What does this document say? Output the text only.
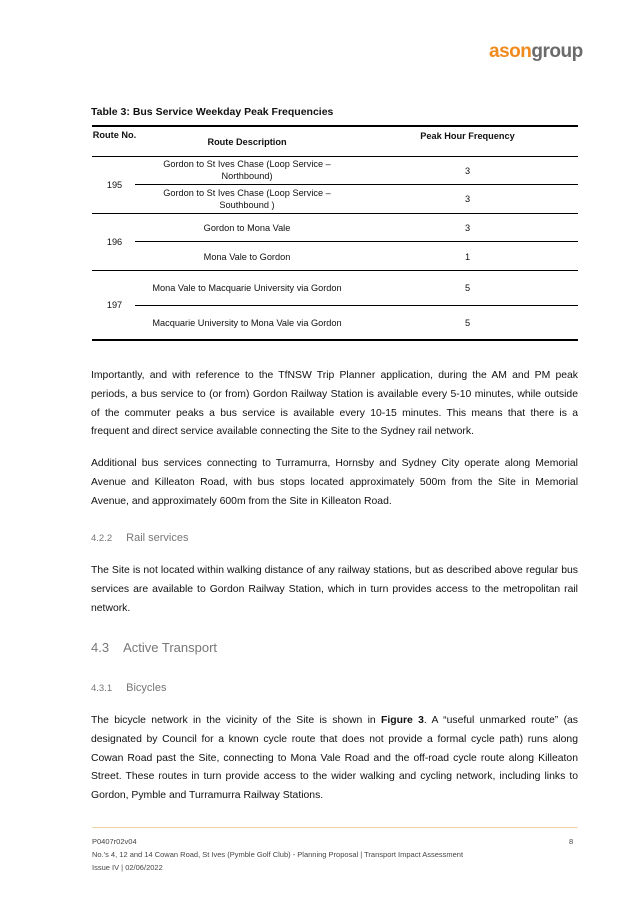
asongroup
Table 3: Bus Service Weekday Peak Frequencies
Route No.
Route Description
Peak Hour Frequency
195
Gordon to St Ives Chase (Loop Service –
Northbound)	3
Gordon to St Ives Chase (Loop Service –
Southbound )
3
196
Gordon to Mona Vale	3
Mona Vale to Gordon	1
197
Mona Vale to Macquarie University via Gordon	5
Macquarie University to Mona Vale via Gordon	5

Importantly, and with reference to the TfNSW Trip Planner application, during the AM and PM peak periods, a bus service to (or from) Gordon Railway Station is available every 5-10 minutes, while outside of the commuter peaks a bus service is available every 10-15 minutes. This means that there is a frequent and direct service available connecting the Site to the Sydney rail network.

Additional bus services connecting to Turramurra, Hornsby and Sydney City operate along Memorial Avenue and Killeaton Road, with bus stops located approximately 500m from the Site in Memorial Avenue, and approximately 600m from the Site in Killeaton Road.

4.2.2 Rail services

The Site is not located within walking distance of any railway stations, but as described above regular bus services are available to Gordon Railway Station, which in turn provides access to the metropolitan rail network.

4.3 Active Transport
4.3.1 Bicycles

The bicycle network in the vicinity of the Site is shown in Figure 3. A “useful unmarked route” (as designated by Council for a known cycle route that does not provide a formal cycle path) runs along Cowan Road past the Site, connecting to Mona Vale Road and the off-road cycle route along Killeaton Street. These routes in turn provide access to the wider walking and cycling network, including links to Gordon, Pymble and Turramurra Railway Stations.

P0407r02v04
No.'s 4, 12 and 14 Cowan Road, St Ives (Pymble Golf Club) - Planning Proposal | Transport Impact Assessment
Issue IV | 02/06/2022
8
